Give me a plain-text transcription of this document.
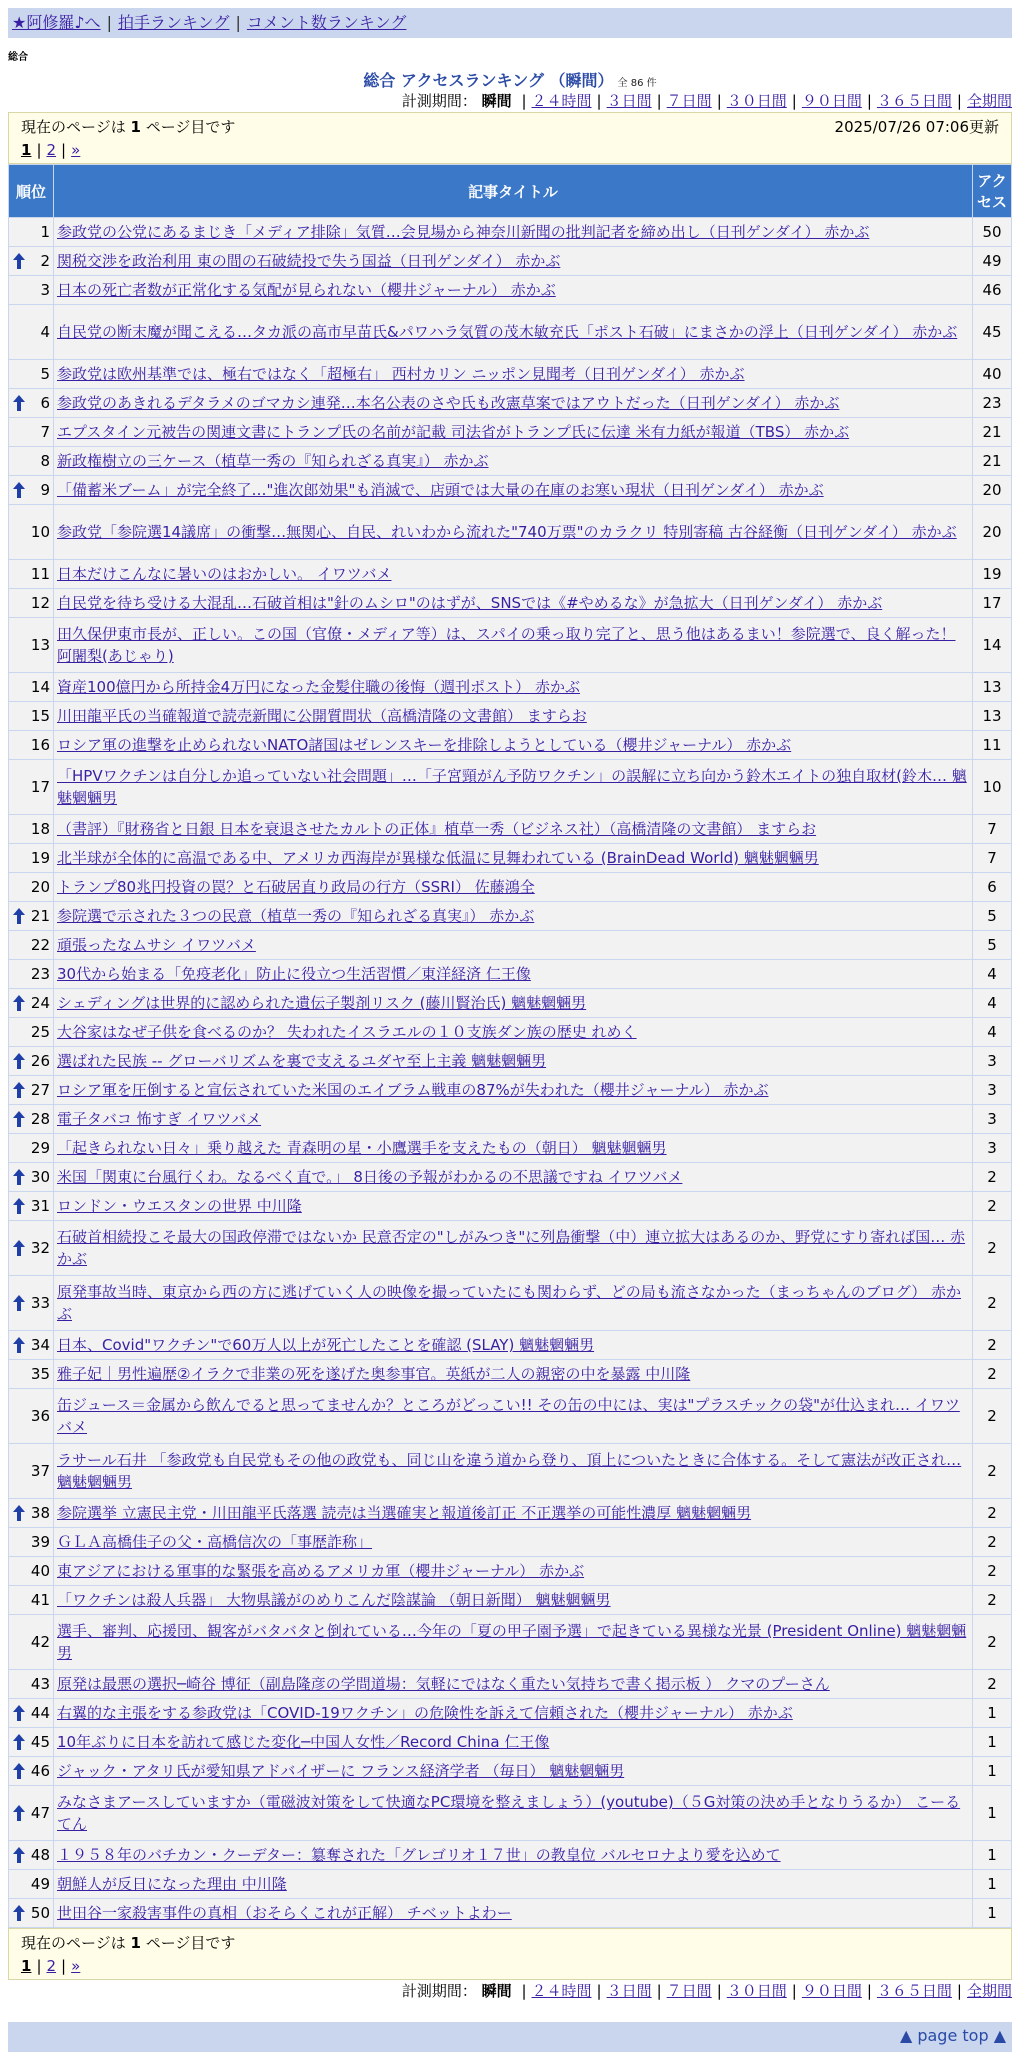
★阿修羅♪へ | 拍手ランキング | コメント数ランキング
総合
総合 アクセスランキング （瞬間） 全 86 件
計測期間： 瞬間 | ２４時間 | ３日間 | ７日間 | ３０日間 | ９０日間 | ３６５日間 | 全期間
現在のページは 1 ページ目です	2025/07/26 07:06更新
1 | 2 | »
順位	記事タイトル	アクセス
1	参政党の公党にあるまじき「メディア排除」気質…会見場から神奈川新聞の批判記者を締め出し（日刊ゲンダイ） 赤かぶ	50

2	関税交渉を政治利用 東の間の石破続投で失う国益（日刊ゲンダイ） 赤かぶ	49
3	日本の死亡者数が正常化する気配が見られない（櫻井ジャーナル） 赤かぶ	46
4	自民党の断末魔が聞こえる…タカ派の高市早苗氏&パワハラ気質の茂木敏充氏「ポスト石破」にまさかの浮上（日刊ゲンダイ） 赤かぶ	45
5	参政党は欧州基準では、極右ではなく「超極右」 西村カリン ニッポン見聞考（日刊ゲンダイ） 赤かぶ	40

6	参政党のあきれるデタラメのゴマカシ連発…本名公表のさや氏も改憲草案ではアウトだった（日刊ゲンダイ） 赤かぶ	23
7	エプスタイン元被告の関連文書にトランプ氏の名前が記載 司法省がトランプ氏に伝達 米有力紙が報道（TBS） 赤かぶ	21
8	新政権樹立の三ケース（植草一秀の『知られざる真実』） 赤かぶ	21

9	「備蓄米ブーム」が完全終了…"進次郎効果"も消滅で、店頭では大量の在庫のお寒い現状（日刊ゲンダイ） 赤かぶ	20
10	参政党「参院選14議席」の衝撃…無関心、自民、れいわから流れた"740万票"のカラクリ 特別寄稿 古谷経衡（日刊ゲンダイ） 赤かぶ	20
11	日本だけこんなに暑いのはおかしい。 イワツバメ	19
12	自民党を待ち受ける大混乱…石破首相は"針のムシロ"のはずが、SNSでは《#やめるな》が急拡大（日刊ゲンダイ） 赤かぶ	17
13	田久保伊東市長が、正しい。この国（官僚・メディア等）は、スパイの乗っ取り完了と、思う他はあるまい！参院選で、良く解った！ 阿闍梨(あじゃり)	14
14	資産100億円から所持金4万円になった金髪住職の後悔（週刊ポスト） 赤かぶ	13
15	川田龍平氏の当確報道で読売新聞に公開質問状（高橋清隆の文書館） ますらお	13
16	ロシア軍の進撃を止められないNATO諸国はゼレンスキーを排除しようとしている（櫻井ジャーナル） 赤かぶ	11
17	「HPVワクチンは自分しか追っていない社会問題」…「子宮頸がん予防ワクチン」の誤解に立ち向かう鈴木エイトの独自取材(鈴木… 魑魅魍魎男	10
18	（書評）『財務省と日銀 日本を衰退させたカルトの正体』植草一秀（ビジネス社）（高橋清隆の文書館） ますらお	7
19	北半球が全体的に高温である中、アメリカ西海岸が異様な低温に見舞われている (BrainDead World) 魑魅魍魎男	7
20	トランプ80兆円投資の罠？と石破居直り政局の行方（SSRI） 佐藤鴻全	6

21	参院選で示された３つの民意（植草一秀の『知られざる真実』） 赤かぶ	5
22	頑張ったなムサシ イワツバメ	5
23	30代から始まる「免疫老化」防止に役立つ生活習慣／東洋経済 仁王像	4

24	シェディングは世界的に認められた遺伝子製剤リスク (藤川賢治氏) 魑魅魍魎男	4
25	大谷家はなぜ子供を食べるのか？ 失われたイスラエルの１０支族ダン族の歴史 れめく	4

26	選ばれた民族 -- グローバリズムを裏で支えるユダヤ至上主義 魑魅魍魎男	3

27	ロシア軍を圧倒すると宣伝されていた米国のエイブラム戦車の87%が失われた（櫻井ジャーナル） 赤かぶ	3

28	電子タバコ 怖すぎ イワツバメ	3
29	「起きられない日々」乗り越えた 青森明の星・小鷹選手を支えたもの（朝日） 魑魅魍魎男	3

30	米国「関東に台風行くわ。なるべく直で。」 8日後の予報がわかるの不思議ですね イワツバメ	2

31	ロンドン・ウエスタンの世界 中川隆	2

32	石破首相続投こそ最大の国政停滞ではないか 民意否定の"しがみつき"に列島衝撃（中）連立拡大はあるのか、野党にすり寄れば国… 赤かぶ	2

33	原発事故当時、東京から西の方に逃げていく人の映像を撮っていたにも関わらず、どの局も流さなかった（まっちゃんのブログ） 赤かぶ	2

34	日本、Covid"ワクチン"で60万人以上が死亡したことを確認 (SLAY) 魑魅魍魎男	2
35	雅子妃｜男性遍歴②イラクで非業の死を遂げた奥参事官。英紙が二人の親密の中を暴露 中川隆	2
36	缶ジュース＝金属から飲んでると思ってませんか？ところがどっこい!! その缶の中には、実は"プラスチックの袋"が仕込まれ… イワツバメ	2
37	ラサール石井 「参政党も自民党もその他の政党も、同じ山を違う道から登り、頂上についたときに合体する。そして憲法が改正され… 魑魅魍魎男	2

38	参院選挙 立憲民主党・川田龍平氏落選 読売は当選確実と報道後訂正 不正選挙の可能性濃厚 魑魅魍魎男	2
39	ＧＬＡ高橋佳子の父・高橋信次の「事歴詐称」	2
40	東アジアにおける軍事的な緊張を高めるアメリカ軍（櫻井ジャーナル） 赤かぶ	2
41	「ワクチンは殺人兵器」 大物県議がのめりこんだ陰謀論 （朝日新聞） 魑魅魍魎男	2
42	選手、審判、応援団、観客がバタバタと倒れている…今年の「夏の甲子園予選」で起きている異様な光景 (President Online) 魑魅魍魎男	2
43	原発は最悪の選択─崎谷 博征（副島隆彦の学問道場：気軽にではなく重たい気持ちで書く掲示板 ） クマのプーさん	2

44	右翼的な主張をする参政党は「COVID-19ワクチン」の危険性を訴えて信頼された（櫻井ジャーナル） 赤かぶ	1

45	10年ぶりに日本を訪れて感じた変化─中国人女性／Record China 仁王像	1

46	ジャック・アタリ氏が愛知県アドバイザーに フランス経済学者 （毎日） 魑魅魍魎男	1

47	みなさまアースしていますか（電磁波対策をして快適なPC環境を整えましょう）(youtube)（５G対策の決め手となりうるか） こーるてん	1

48	１９５８年のバチカン・クーデター：簒奪された「グレゴリオ１７世」の教皇位 バルセロナより愛を込めて	1
49	朝鮮人が反日になった理由 中川隆	1

50	世田谷一家殺害事件の真相（おそらくこれが正解） チベットよわー	1
現在のページは 1 ページ目です
1 | 2 | »
計測期間： 瞬間 | ２４時間 | ３日間 | ７日間 | ３０日間 | ９０日間 | ３６５日間 | 全期間
▲ page top ▲
